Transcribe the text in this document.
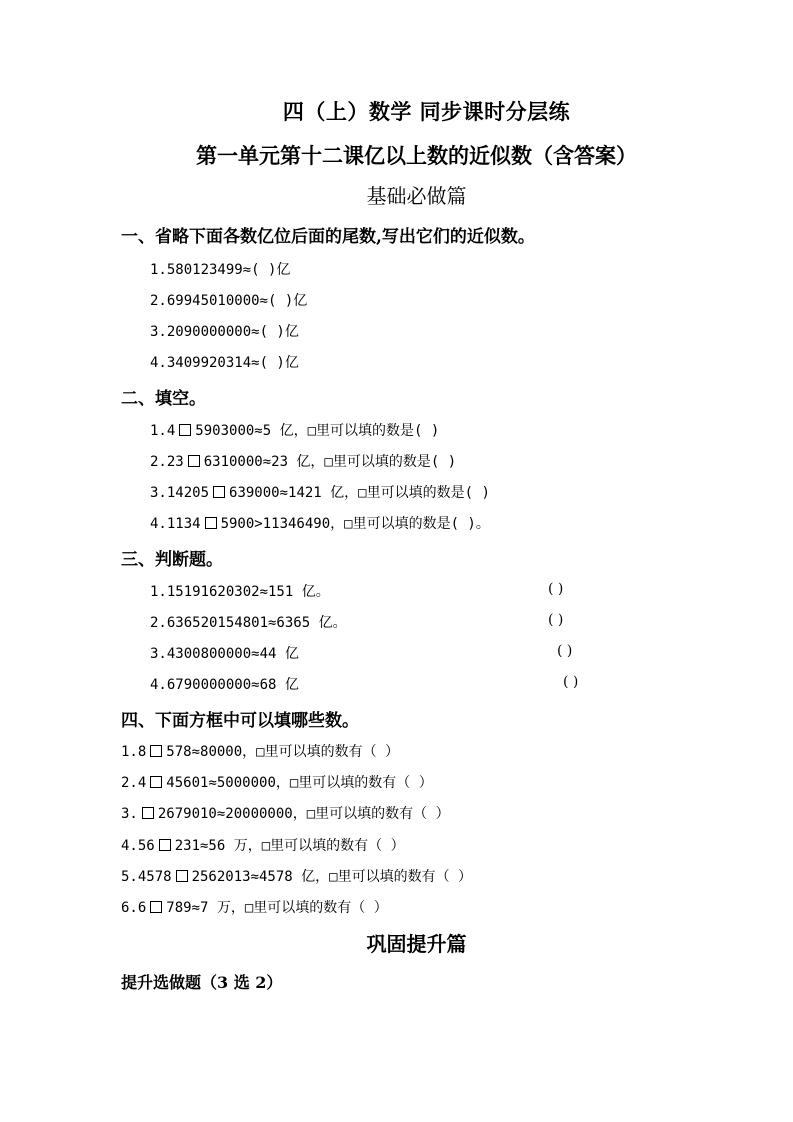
四（上）数学 同步课时分层练
第一单元第十二课亿以上数的近似数（含答案）
基础必做篇
一、省略下面各数亿位后面的尾数,写出它们的近似数。
1.580123499≈( )亿
2.69945010000≈( )亿
3.2090000000≈( )亿
4.3409920314≈( )亿
二、填空。
1.4 5903000≈5 亿，□里可以填的数是( )
2.23 6310000≈23 亿，□里可以填的数是( )
3.14205 639000≈1421 亿，□里可以填的数是( )
4.1134 5900>11346490，□里可以填的数是( )。
三、判断题。
1.15191620302≈151 亿。	( )
2.636520154801≈6365 亿。	( )
3.4300800000≈44 亿	( )
4.6790000000≈68 亿	( )
四、下面方框中可以填哪些数。
1.8 578≈80000，□里可以填的数有（ ）
2.4 45601≈5000000，□里可以填的数有（ ）
3. 2679010≈20000000，□里可以填的数有（ ）
4.56 231≈56 万，□里可以填的数有（ ）
5.4578 2562013≈4578 亿，□里可以填的数有（ ）
6.6 789≈7 万，□里可以填的数有（ ）
巩固提升篇
提升选做题（3 选 2）
